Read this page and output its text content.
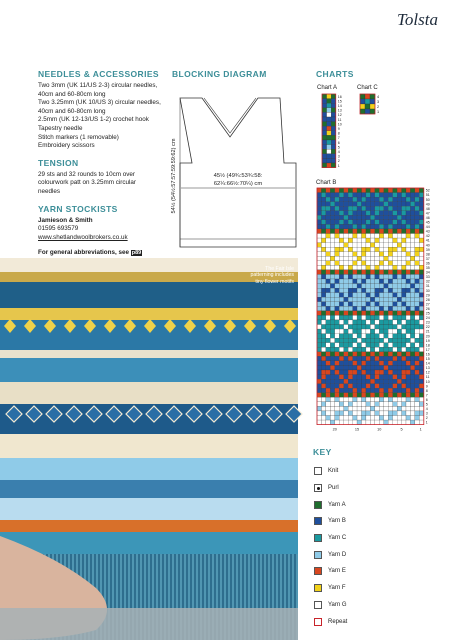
Tolsta
NEEDLES & ACCESSORIES
Two 3mm (UK 11/US 2-3) circular needles,
40cm and 60-80cm long
Two 3.25mm (UK 10/US 3) circular needles,
40cm and 60-80cm long
2.5mm (UK 12-13/US 1-2) crochet hook
Tapestry needle
Stitch markers (1 removable)
Embroidery scissors
TENSION
29 sts and 32 rounds to 10cm over
colourwork patt on 3.25mm circular
needles
YARN STOCKISTS
Jamieson & Smith
01595 693579
www.shetlandwoolbrokers.co.uk
For general abbreviations, see p89
BLOCKING DIAGRAM
45½ (49¾:53¾:58:
62¼:66½:70¼) cm
54½ (54½:57:57:59:59:62) cm
CHARTS
Chart A	Chart C
Chart B
16
15
14
13
12
11
10
9
8
7
6
5
4
3
2
1
4
3
2
1
52
51
50
49
48
47
46
45
44
43
42
41
40
39
38
37
36
35
34
33
32
31
30
29
28
27
26
25
24
23
22
21
20
19
18
17
16
15
14
13
12
11
10
9
8
7
6
5
4
3
2
1
20	15	10	5	1
The Fair Isle patterning includes tiny flower motifs
KEY
Knit
Purl
Yarn A
Yarn B
Yarn C
Yarn D
Yarn E
Yarn F
Yarn G
Repeat
